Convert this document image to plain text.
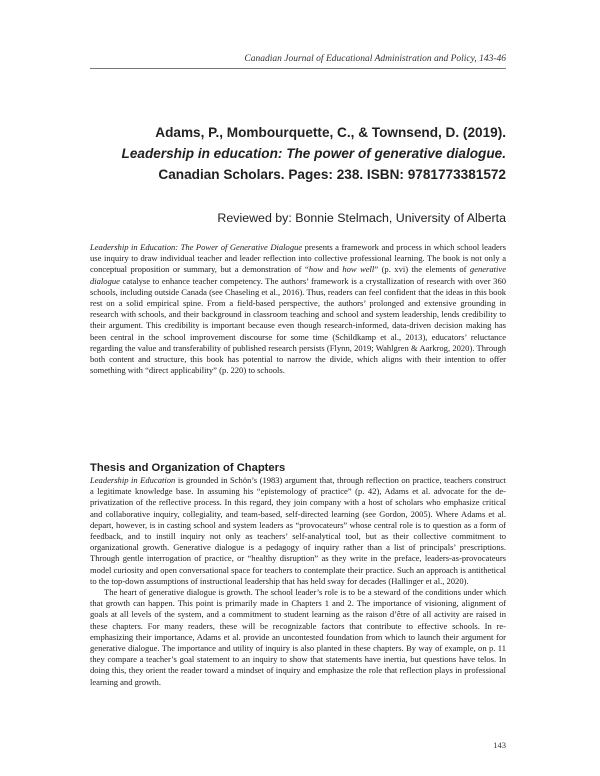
Canadian Journal of Educational Administration and Policy, 143-46
Adams, P., Mombourquette, C., & Townsend, D. (2019).
Leadership in education: The power of generative dialogue.
Canadian Scholars. Pages: 238. ISBN: 9781773381572
Reviewed by: Bonnie Stelmach, University of Alberta

Leadership in Education: The Power of Generative Dialogue presents a framework and process in which school leaders use inquiry to draw individual teacher and leader reflection into collective professional learning. The book is not only a conceptual proposition or summary, but a demonstration of “how and how well” (p. xvi) the elements of generative dialogue catalyse to enhance teacher competency. The authors’ framework is a crystallization of research with over 360 schools, including outside Canada (see Chaseling et al., 2016). Thus, readers can feel confident that the ideas in this book rest on a solid empirical spine. From a field-based perspective, the authors’ prolonged and extensive grounding in research with schools, and their background in classroom teaching and school and system leadership, lends credibility to their argument. This credibility is important because even though research-informed, data-driven decision making has been central in the school improvement discourse for some time (Schildkamp et al., 2013), educators’ reluctance regarding the value and transferability of published research persists (Flynn, 2019; Wahlgren & Aarkrog, 2020). Through both content and structure, this book has potential to narrow the divide, which aligns with their intention to offer something with “direct applicability” (p. 220) to schools.

Thesis and Organization of Chapters

Leadership in Education is grounded in Schön’s (1983) argument that, through reflection on practice, teachers construct a legitimate knowledge base. In assuming his “epistemology of practice” (p. 42), Adams et al. advocate for the de-privatization of the reflective process. In this regard, they join company with a host of scholars who emphasize critical and collaborative inquiry, collegiality, and team-based, self-directed learning (see Gordon, 2005). Where Adams et al. depart, however, is in casting school and system leaders as “provocateurs” whose central role is to question as a form of feedback, and to instill inquiry not only as teachers’ self-analytical tool, but as their collective commitment to organizational growth. Generative dialogue is a pedagogy of inquiry rather than a list of principals’ prescriptions. Through gentle interrogation of practice, or “healthy disruption” as they write in the preface, leaders-as-provocateurs model curiosity and open conversational space for teachers to contemplate their practice. Such an approach is antithetical to the top-down assumptions of instructional leadership that has held sway for decades (Hallinger et al., 2020).

The heart of generative dialogue is growth. The school leader’s role is to be a steward of the conditions under which that growth can happen. This point is primarily made in Chapters 1 and 2. The importance of visioning, alignment of goals at all levels of the system, and a commitment to student learning as the raison d’être of all activity are raised in these chapters. For many readers, these will be recognizable factors that contribute to effective schools. In re-emphasizing their importance, Adams et al. provide an uncontested foundation from which to launch their argument for generative dialogue. The importance and utility of inquiry is also planted in these chapters. By way of example, on p. 11 they compare a teacher’s goal statement to an inquiry to show that statements have inertia, but questions have telos. In doing this, they orient the reader toward a mindset of inquiry and emphasize the role that reflection plays in professional learning and growth.

143
